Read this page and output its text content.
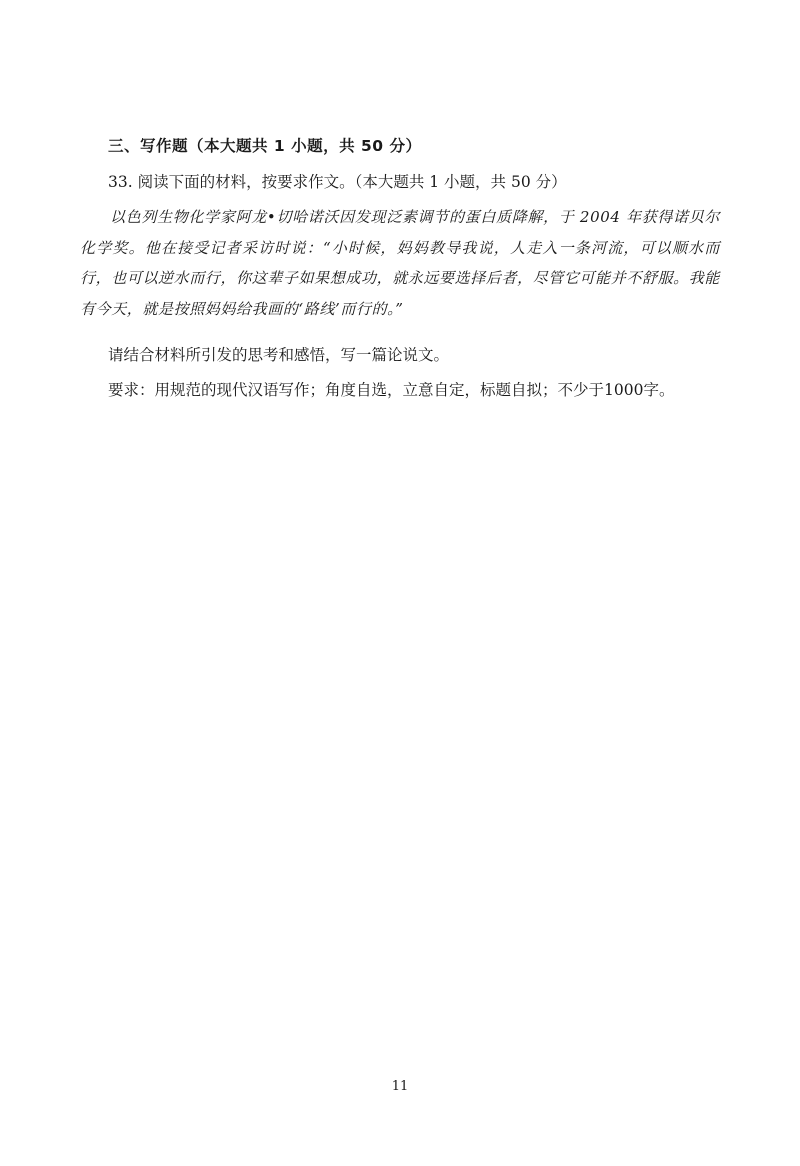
三、写作题（本大题共 1 小题，共 50 分）
33. 阅读下面的材料，按要求作文。（本大题共 1 小题，共 50 分）
以色列生物化学家阿龙•切哈诺沃因发现泛素调节的蛋白质降解，于 2004 年获得诺贝尔化学奖。他在接受记者采访时说：“小时候，妈妈教导我说，人走入一条河流，可以顺水而行，也可以逆水而行，你这辈子如果想成功，就永远要选择后者，尽管它可能并不舒服。我能有今天，就是按照妈妈给我画的‘路线’而行的。”
请结合材料所引发的思考和感悟，写一篇论说文。
要求：用规范的现代汉语写作；角度自选，立意自定，标题自拟；不少于1000字。
11
